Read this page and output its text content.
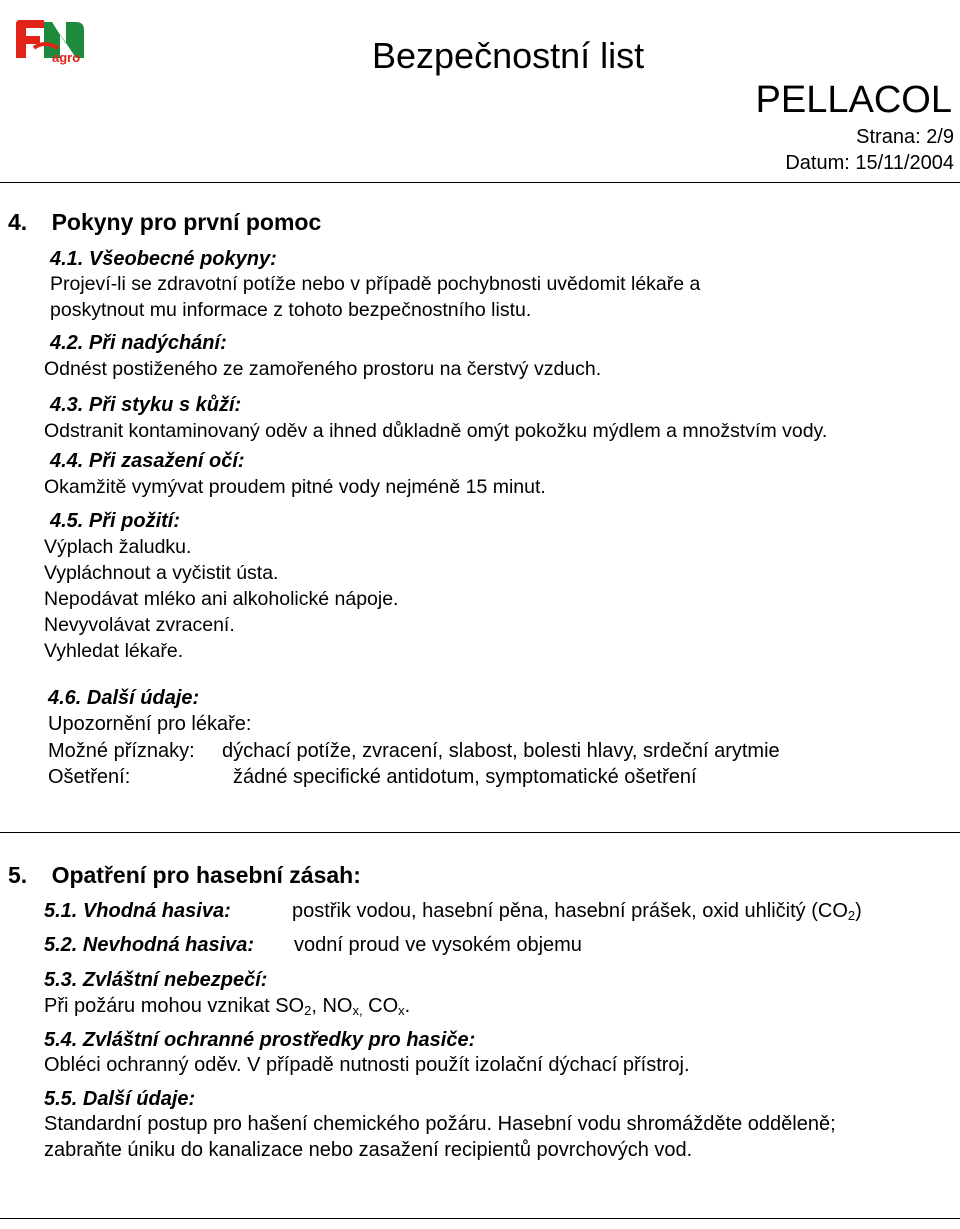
agro	Bezpečnostní list
PELLACOL
Strana: 2/9
Datum: 15/11/2004
4. Pokyny pro první pomoc
4.1. Všeobecné pokyny:
Projeví-li se zdravotní potíže nebo v případě pochybnosti uvědomit lékaře a
poskytnout mu informace z tohoto bezpečnostního listu.
4.2. Při nadýchání:
Odnést postiženého ze zamořeného prostoru na čerstvý vzduch.
4.3. Při styku s kůží:
Odstranit kontaminovaný oděv a ihned důkladně omýt pokožku mýdlem a množstvím vody.
4.4. Při zasažení očí:
Okamžitě vymývat proudem pitné vody nejméně 15 minut.
4.5. Při požití:
Výplach žaludku.
Vypláchnout a vyčistit ústa.
Nepodávat mléko ani alkoholické nápoje.
Nevyvolávat zvracení.
Vyhledat lékaře.
4.6. Další údaje:
Upozornění pro lékaře:
Možné příznaky: dýchací potíže, zvracení, slabost, bolesti hlavy, srdeční arytmie
Ošetření:	žádné specifické antidotum, symptomatické ošetření
5. Opatření pro hasební zásah:
5.1. Vhodná hasiva:	postřik vodou, hasební pěna, hasební prášek, oxid uhličitý $(CO_2)$
5.2. Nevhodná hasiva: vodní proud ve vysokém objemu
5.3. Zvláštní nebezpečí:
Při požáru mohou vznikat $SO_2$, $NO_{x,}$ $CO_x$.
5.4. Zvláštní ochranné prostředky pro hasiče:
Obléci ochranný oděv. V případě nutnosti použít izolační dýchací přístroj.
5.5. Další údaje:
Standardní postup pro hašení chemického požáru. Hasební vodu shromážděte odděleně;
zabraňte úniku do kanalizace nebo zasažení recipientů povrchových vod.
